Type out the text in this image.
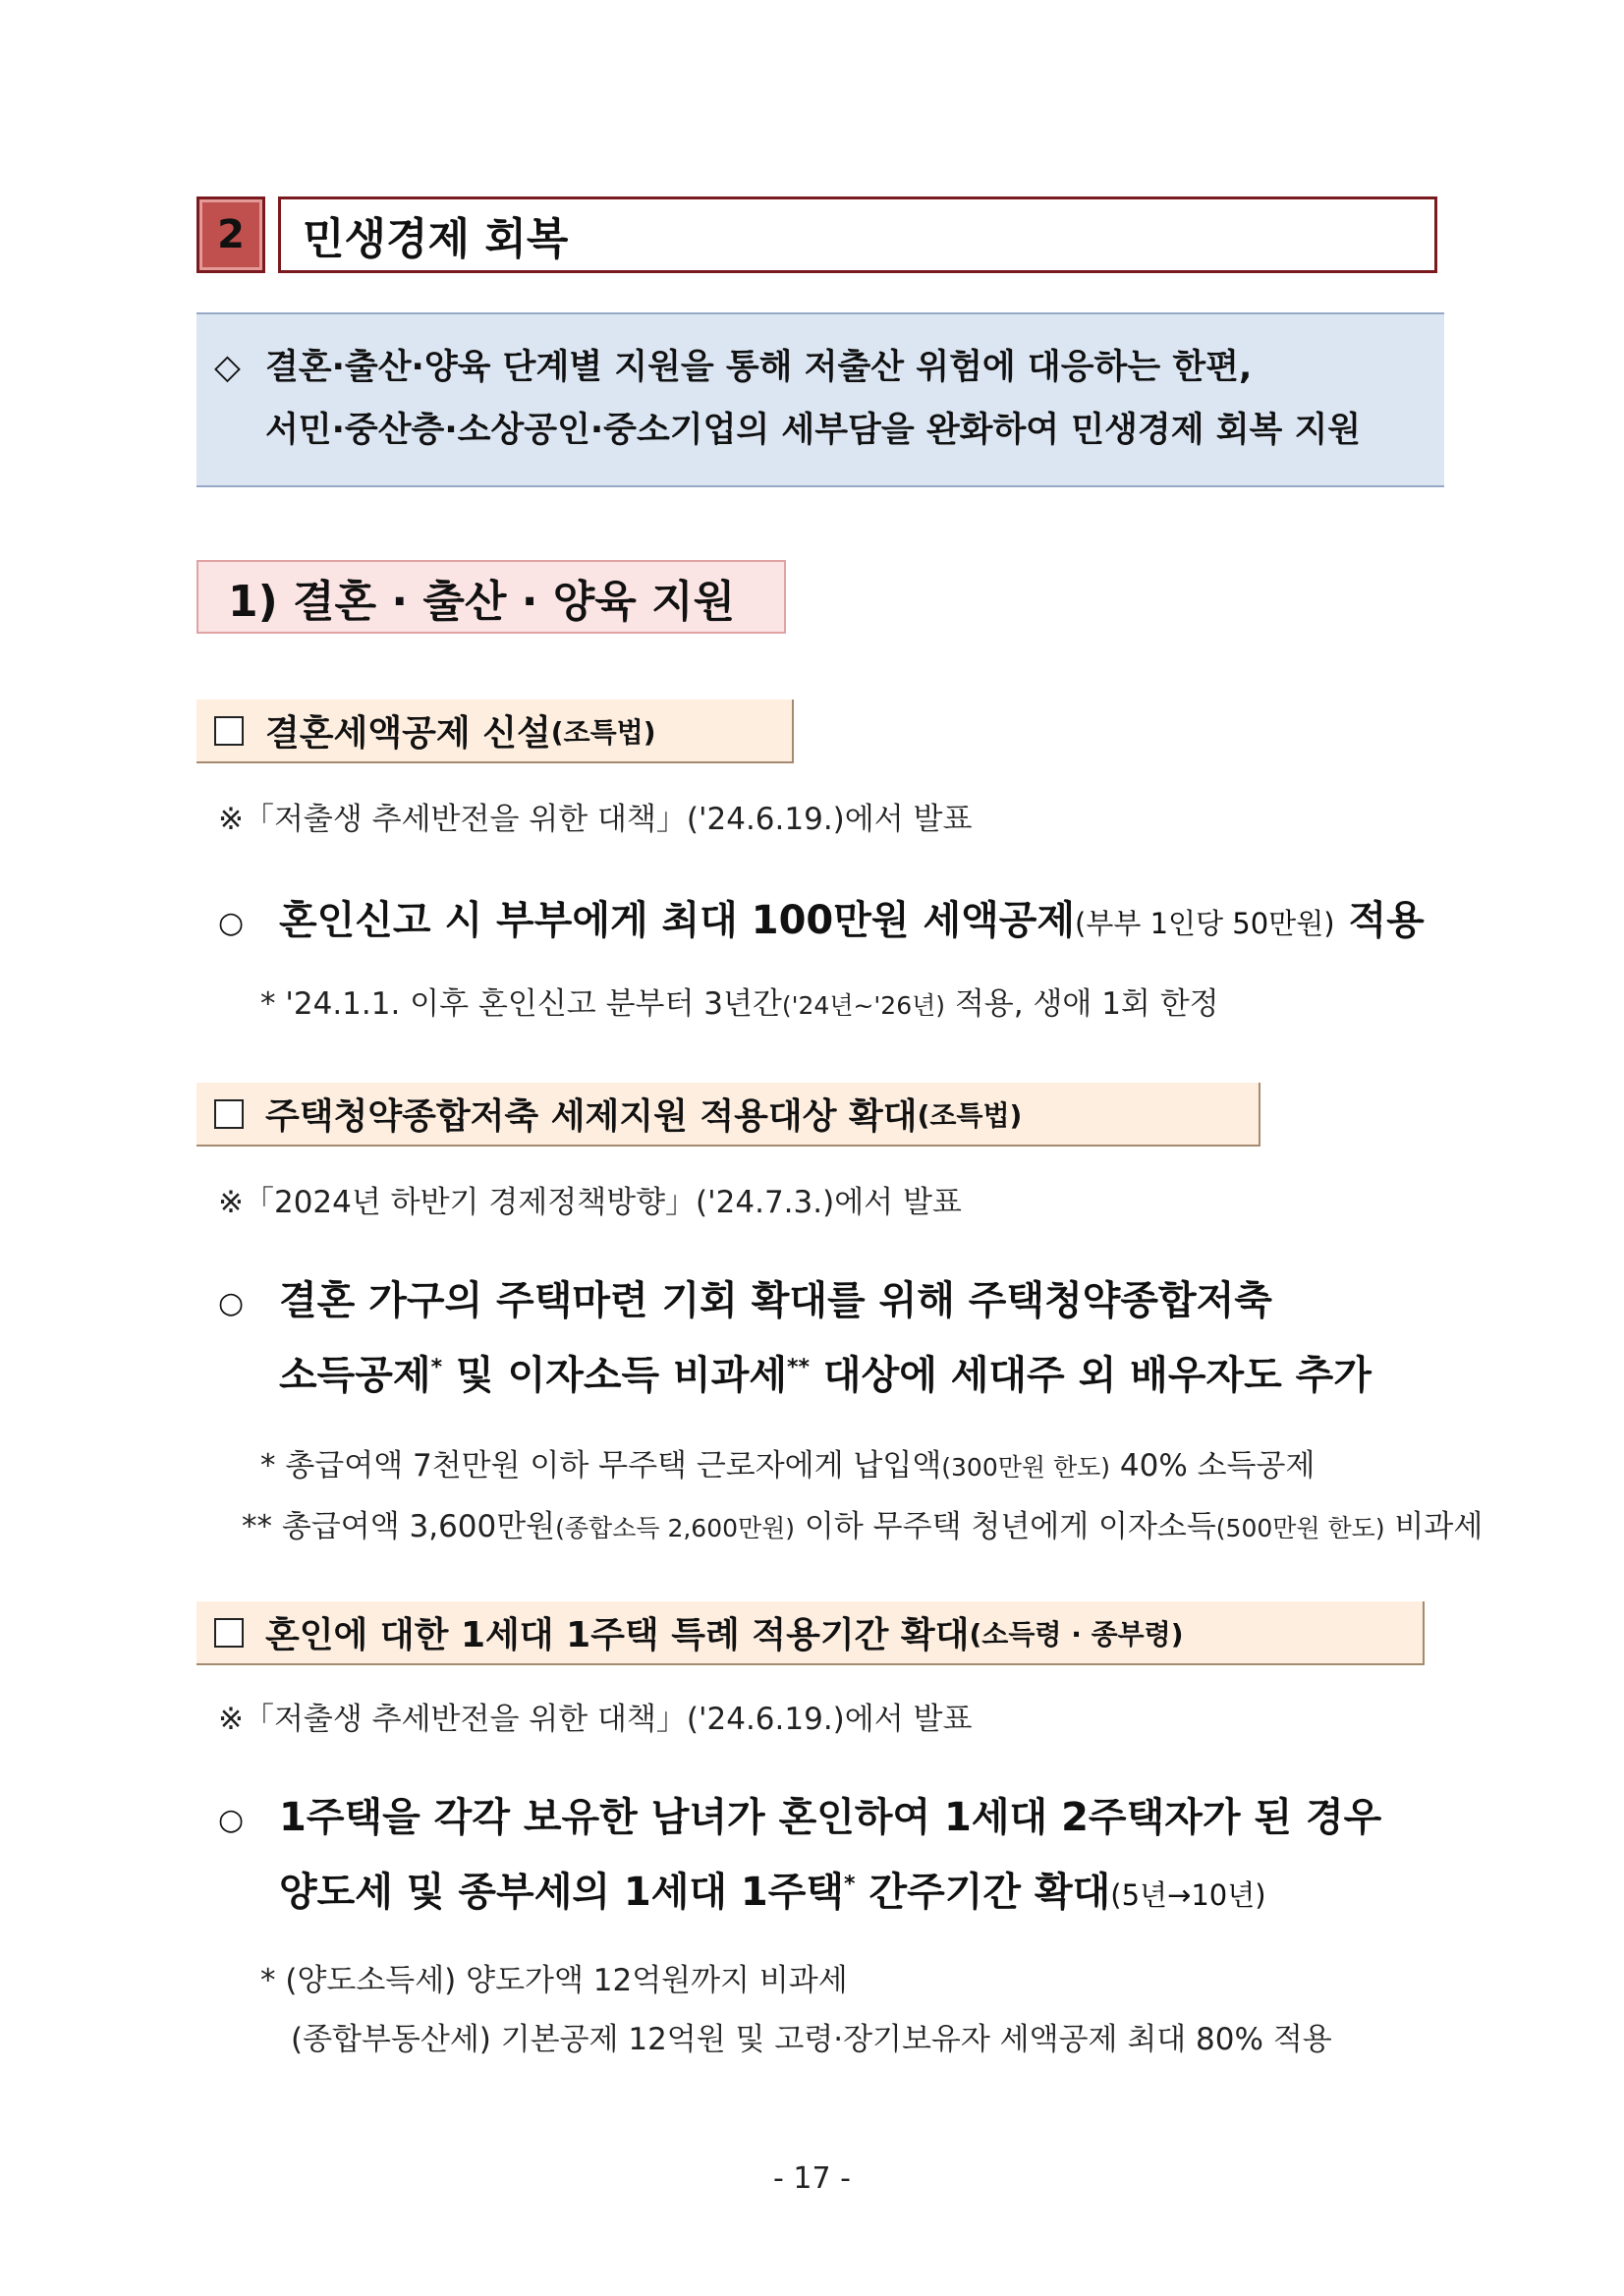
2	민생경제 회복
◇ 결혼·출산·양육 단계별 지원을 통해 저출산 위험에 대응하는 한편,
서민·중산층·소상공인·중소기업의 세부담을 완화하여 민생경제 회복 지원
1) 결혼 · 출산 · 양육 지원
결혼세액공제 신설 (조특법)
※「저출생 추세반전을 위한 대책」('24.6.19.)에서 발표
○ 혼인신고 시 부부에게 최대 100만원 세액공제(부부 1인당 50만원) 적용
* '24.1.1. 이후 혼인신고 분부터 3년간('24년~'26년) 적용, 생애 1회 한정
주택청약종합저축 세제지원 적용대상 확대 (조특법)
※「2024년 하반기 경제정책방향」('24.7.3.)에서 발표
○ 결혼 가구의 주택마련 기회 확대를 위해 주택청약종합저축
소득공제* 및 이자소득 비과세** 대상에 세대주 외 배우자도 추가
* 총급여액 7천만원 이하 무주택 근로자에게 납입액(300만원 한도) 40% 소득공제
** 총급여액 3,600만원(종합소득 2,600만원) 이하 무주택 청년에게 이자소득(500만원 한도) 비과세
혼인에 대한 1세대 1주택 특례 적용기간 확대 (소득령 · 종부령)
※「저출생 추세반전을 위한 대책」('24.6.19.)에서 발표
○ 1주택을 각각 보유한 남녀가 혼인하여 1세대 2주택자가 된 경우
양도세 및 종부세의 1세대 1주택* 간주기간 확대(5년→10년)
* (양도소득세) 양도가액 12억원까지 비과세
(종합부동산세) 기본공제 12억원 및 고령·장기보유자 세액공제 최대 80% 적용
- 17 -
